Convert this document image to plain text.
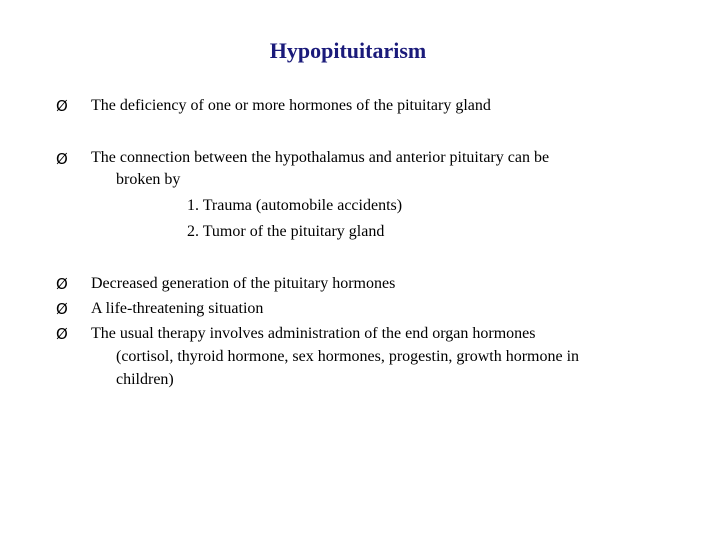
Hypopituitarism
Ø The deficiency of one or more hormones of the pituitary gland
Ø The connection between the hypothalamus and anterior pituitary can be
broken by
1. Trauma (automobile accidents)
2. Tumor of the pituitary gland
Ø Decreased generation of the pituitary hormones
Ø A life-threatening situation
Ø The usual therapy involves administration of the end organ hormones
(cortisol, thyroid hormone, sex hormones, progestin, growth hormone in
children)
